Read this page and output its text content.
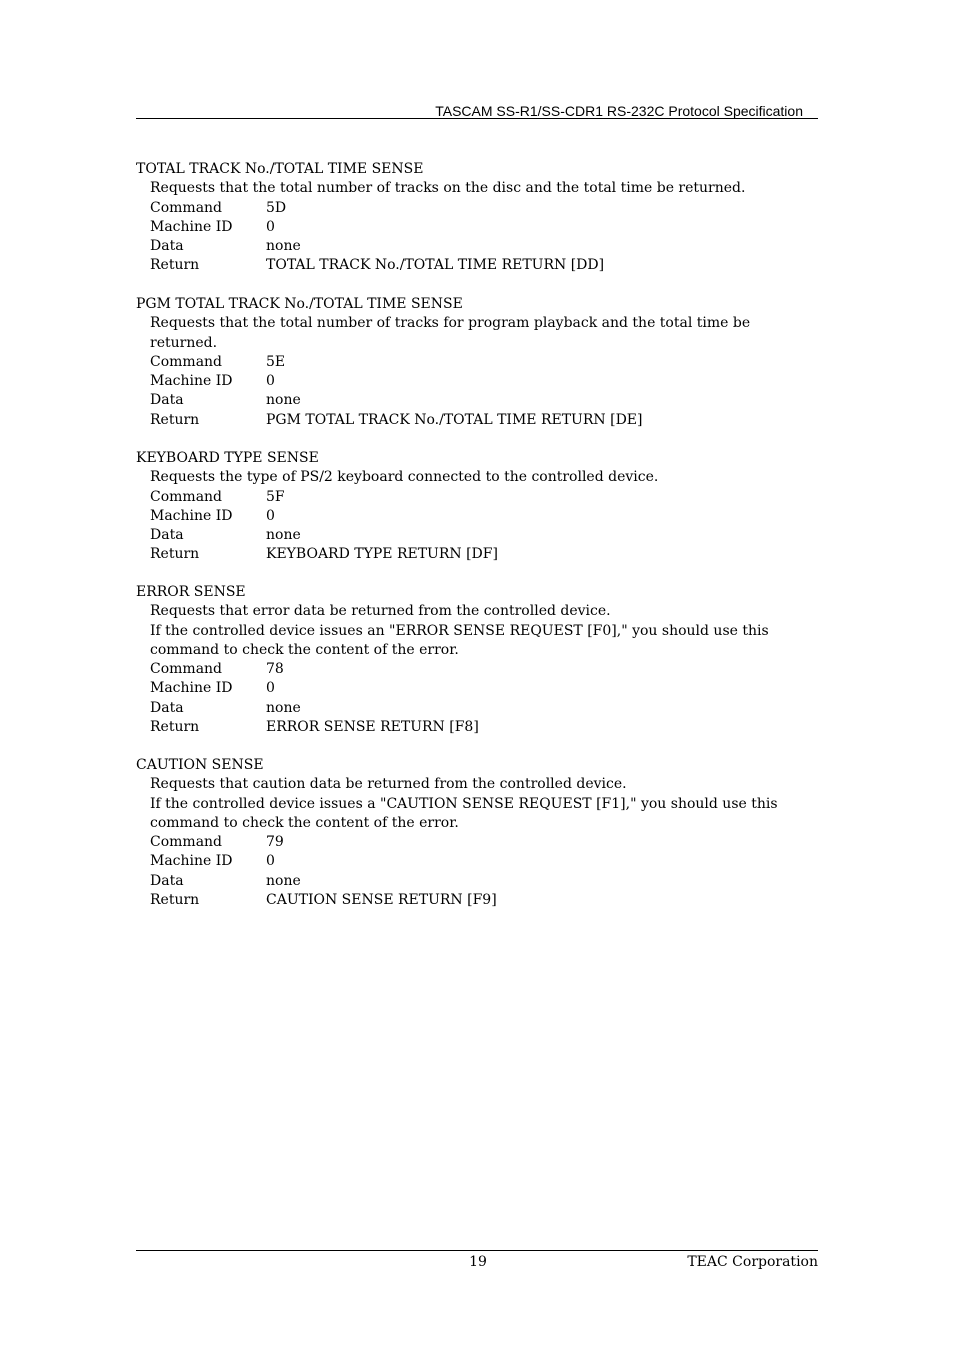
TASCAM SS-R1/SS-CDR1 RS-232C Protocol Specification
TOTAL TRACK No./TOTAL TIME SENSE

Requests that the total number of tracks on the disc and the total time be returned.

Command	5D
Machine ID	0
Data	none
Return	TOTAL TRACK No./TOTAL TIME RETURN [DD]
PGM TOTAL TRACK No./TOTAL TIME SENSE

Requests that the total number of tracks for program playback and the total time be returned.

Command	5E
Machine ID	0
Data	none
Return	PGM TOTAL TRACK No./TOTAL TIME RETURN [DE]
KEYBOARD TYPE SENSE

Requests the type of PS/2 keyboard connected to the controlled device.

Command	5F
Machine ID	0
Data	none
Return	KEYBOARD TYPE RETURN [DF]
ERROR SENSE

Requests that error data be returned from the controlled device.

If the controlled device issues an "ERROR SENSE REQUEST [F0]," you should use this command to check the content of the error.

Command	78
Machine ID	0
Data	none
Return	ERROR SENSE RETURN [F8]
CAUTION SENSE

Requests that caution data be returned from the controlled device.

If the controlled device issues a "CAUTION SENSE REQUEST [F1]," you should use this command to check the content of the error.

Command	79
Machine ID	0
Data	none
Return	CAUTION SENSE RETURN [F9]
19	TEAC Corporation
